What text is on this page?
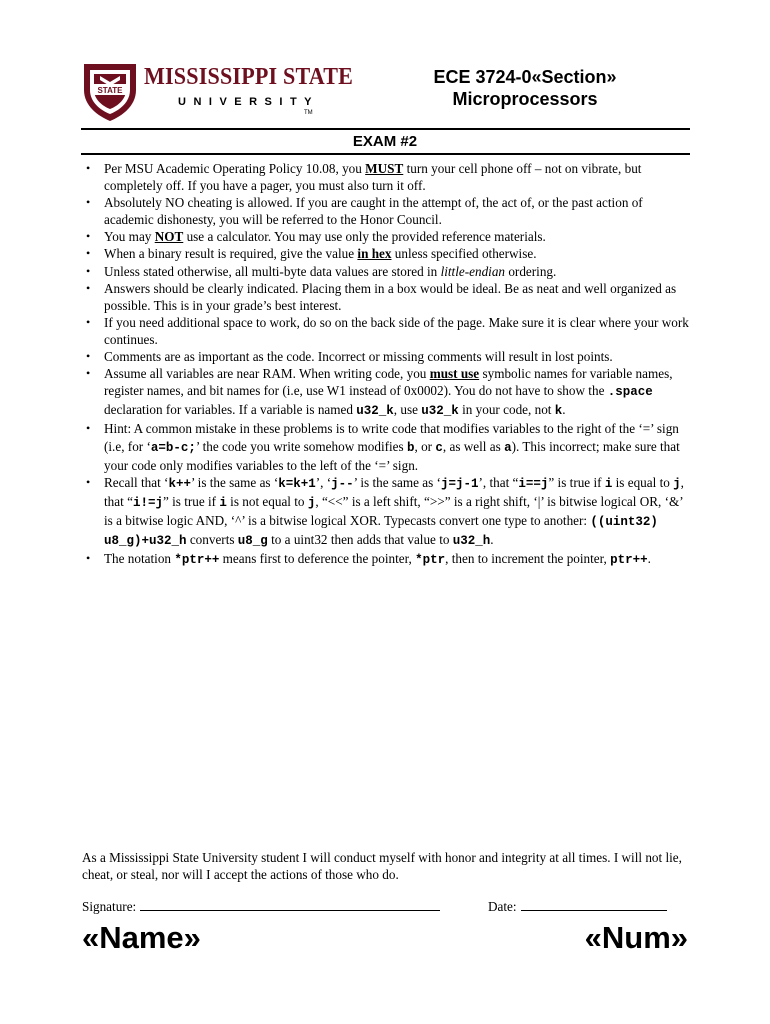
STATE
MISSISSIPPI STATE
UNIVERSITY
TM
ECE 3724-0«Section»
Microprocessors
EXAM #2
• Per MSU Academic Operating Policy 10.08, you MUST turn your cell phone off – not on vibrate, but completely off. If you have a pager, you must also turn it off.
• Absolutely NO cheating is allowed. If you are caught in the attempt of, the act of, or the past action of academic dishonesty, you will be referred to the Honor Council.
• You may NOT use a calculator. You may use only the provided reference materials.
• When a binary result is required, give the value in hex unless specified otherwise.
• Unless stated otherwise, all multi-byte data values are stored in little-endian ordering.
• Answers should be clearly indicated. Placing them in a box would be ideal. Be as neat and well organized as possible. This is in your grade’s best interest.
• If you need additional space to work, do so on the back side of the page. Make sure it is clear where your work continues.
• Comments are as important as the code. Incorrect or missing comments will result in lost points.
• Assume all variables are near RAM. When writing code, you must use symbolic names for variable names, register names, and bit names for (i.e, use W1 instead of 0x0002). You do not have to show the .space declaration for variables. If a variable is named u32_k, use u32_k in your code, not k.
• Hint: A common mistake in these problems is to write code that modifies variables to the right of the ‘=’ sign (i.e, for ‘a=b-c;’ the code you write somehow modifies b, or c, as well as a). This incorrect; make sure that your code only modifies variables to the left of the ‘=’ sign.
• Recall that ‘k++’ is the same as ‘k=k+1’, ‘j--’ is the same as ‘j=j-1’, that “i==j” is true if i is equal to j, that “i!=j” is true if i is not equal to j, “<<” is a left shift, “>>” is a right shift, ‘|’ is bitwise logical OR, ‘&’ is a bitwise logic AND, ‘^’ is a bitwise logical XOR. Typecasts convert one type to another: ((uint32) u8_g)+u32_h converts u8_g to a uint32 then adds that value to u32_h.
• The notation *ptr++ means first to deference the pointer, *ptr, then to increment the pointer, ptr++.
As a Mississippi State University student I will conduct myself with honor and integrity at all times. I will not lie, cheat, or steal, nor will I accept the actions of those who do.
Signature:	Date:
«Name»	«Num»
